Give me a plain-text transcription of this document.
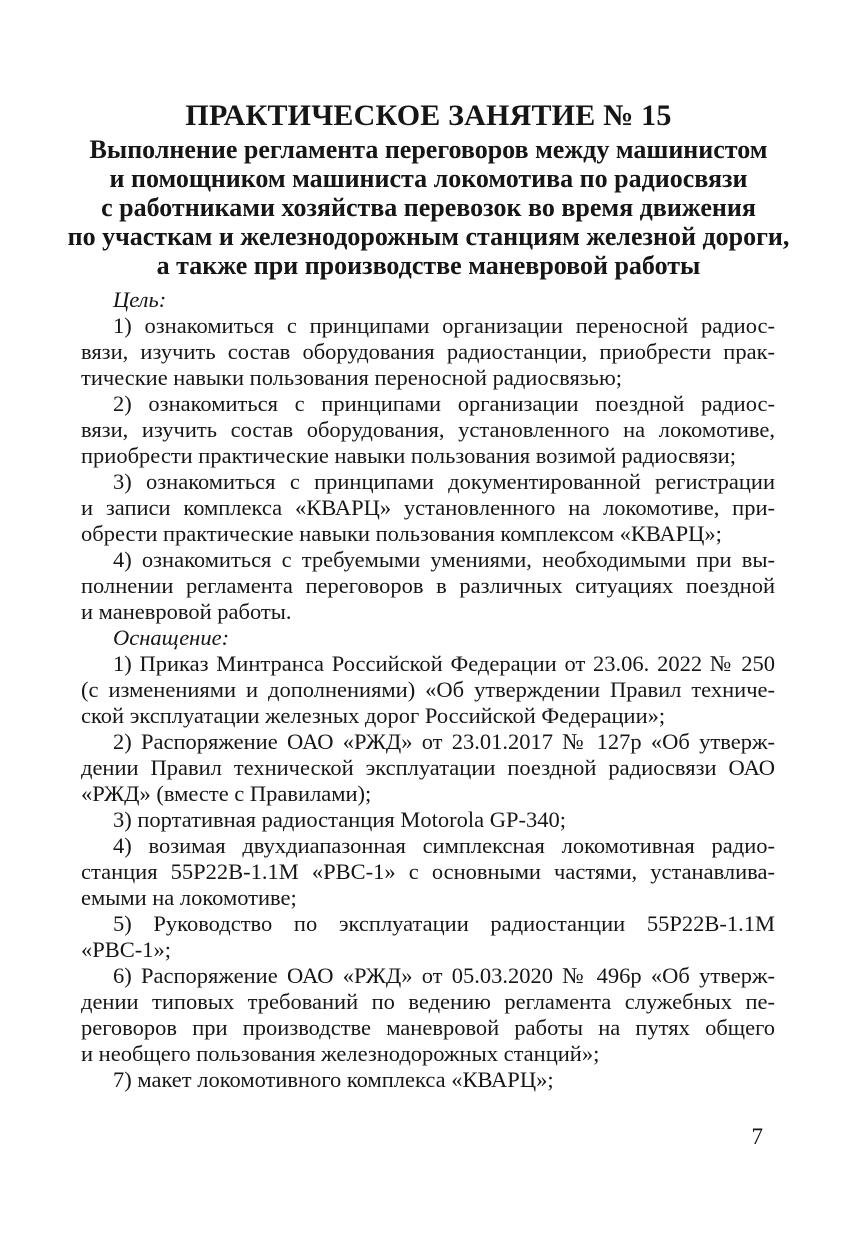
ПРАКТИЧЕСКОЕ ЗАНЯТИЕ № 15
Выполнение регламента переговоров между машинистом
и помощником машиниста локомотива по радиосвязи
с работниками хозяйства перевозок во время движения
по участкам и железнодорожным станциям железной дороги,
а также при производстве маневровой работы
Цель:
1) ознакомиться с принципами организации переносной радиос-
вязи, изучить состав оборудования радиостанции, приобрести прак-
тические навыки пользования переносной радиосвязью;
2) ознакомиться с принципами организации поездной радиос-
вязи, изучить состав оборудования, установленного на локомотиве,
приобрести практические навыки пользования возимой радиосвязи;
3) ознакомиться с принципами документированной регистрации
и записи комплекса «КВАРЦ» установленного на локомотиве, при-
обрести практические навыки пользования комплексом «КВАРЦ»;
4) ознакомиться с требуемыми умениями, необходимыми при вы-
полнении регламента переговоров в различных ситуациях поездной
и маневровой работы.
Оснащение:
1) Приказ Минтранса Российской Федерации от 23.06. 2022 № 250
(с изменениями и дополнениями) «Об утверждении Правил техниче-
ской эксплуатации железных дорог Российской Федерации»;
2) Распоряжение ОАО «РЖД» от 23.01.2017 № 127р «Об утверж-
дении Правил технической эксплуатации поездной радиосвязи ОАО
«РЖД» (вместе с Правилами);
3) портативная радиостанция Motorola GP-340;
4) возимая двухдиапазонная симплексная локомотивная радио-
станция 55Р22В-1.1М «РВС-1» с основными частями, устанавлива-
емыми на локомотиве;
5) Руководство по эксплуатации радиостанции 55Р22В-1.1М
«РВС-1»;
6) Распоряжение ОАО «РЖД» от 05.03.2020 № 496р «Об утверж-
дении типовых требований по ведению регламента служебных пе-
реговоров при производстве маневровой работы на путях общего
и необщего пользования железнодорожных станций»;
7) макет локомотивного комплекса «КВАРЦ»;
7
